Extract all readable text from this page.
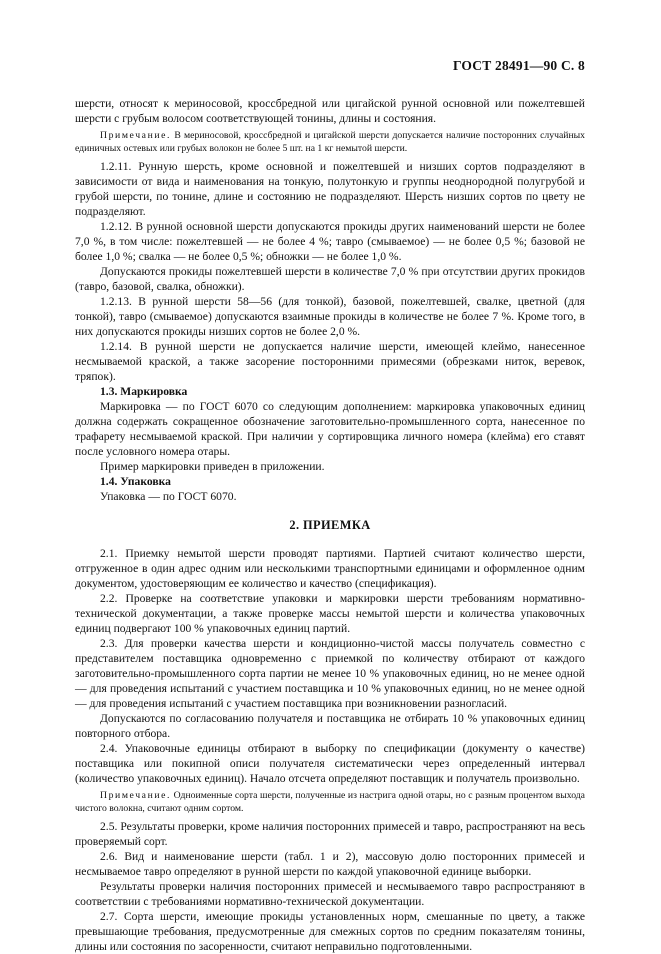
ГОСТ 28491—90 С. 8

шерсти, относят к мериносовой, кроссбредной или цигайской рунной основной или пожелтевшей шерсти с грубым волосом соответствующей тонины, длины и состояния.

Примечание. В мериносовой, кроссбредной и цигайской шерсти допускается наличие посторонних случайных единичных остевых или грубых волокон не более 5 шт. на 1 кг немытой шерсти.

1.2.11. Рунную шерсть, кроме основной и пожелтевшей и низших сортов подразделяют в зависимости от вида и наименования на тонкую, полутонкую и группы неоднородной полугрубой и грубой шерсти, по тонине, длине и состоянию не подразделяют. Шерсть низших сортов по цвету не подразделяют.

1.2.12. В рунной основной шерсти допускаются прокиды других наименований шерсти не более 7,0 %, в том числе: пожелтевшей — не более 4 %; тавро (смываемое) — не более 0,5 %; базовой не более 1,0 %; свалка — не более 0,5 %; обножки — не более 1,0 %.

Допускаются прокиды пожелтевшей шерсти в количестве 7,0 % при отсутствии других прокидов (тавро, базовой, свалка, обножки).

1.2.13. В рунной шерсти 58—56 (для тонкой), базовой, пожелтевшей, свалке, цветной (для тонкой), тавро (смываемое) допускаются взаимные прокиды в количестве не более 7 %. Кроме того, в них допускаются прокиды низших сортов не более 2,0 %.

1.2.14. В рунной шерсти не допускается наличие шерсти, имеющей клеймо, нанесенное несмываемой краской, а также засорение посторонними примесями (обрезками ниток, веревок, тряпок).

1.3. Маркировка

Маркировка — по ГОСТ 6070 со следующим дополнением: маркировка упаковочных единиц должна содержать сокращенное обозначение заготовительно-промышленного сорта, нанесенное по трафарету несмываемой краской. При наличии у сортировщика личного номера (клейма) его ставят после условного номера отары.

Пример маркировки приведен в приложении.

1.4. Упаковка

Упаковка — по ГОСТ 6070.

2. ПРИЕМКА

2.1. Приемку немытой шерсти проводят партиями. Партией считают количество шерсти, отгруженное в один адрес одним или несколькими транспортными единицами и оформленное одним документом, удостоверяющим ее количество и качество (спецификация).

2.2. Проверке на соответствие упаковки и маркировки шерсти требованиям нормативно-технической документации, а также проверке массы немытой шерсти и количества упаковочных единиц подвергают 100 % упаковочных единиц партий.

2.3. Для проверки качества шерсти и кондиционно-чистой массы получатель совместно с представителем поставщика одновременно с приемкой по количеству отбирают от каждого заготовительно-промышленного сорта партии не менее 10 % упаковочных единиц, но не менее одной — для проведения испытаний с участием поставщика и 10 % упаковочных единиц, но не менее одной — для проведения испытаний с участием поставщика при возникновении разногласий.

Допускаются по согласованию получателя и поставщика не отбирать 10 % упаковочных единиц повторного отбора.

2.4. Упаковочные единицы отбирают в выборку по спецификации (документу о качестве) поставщика или покипной описи получателя систематически через определенный интервал (количество упаковочных единиц). Начало отсчета определяют поставщик и получатель произвольно.

Примечание. Одноименные сорта шерсти, полученные из настрига одной отары, но с разным процентом выхода чистого волокна, считают одним сортом.

2.5. Результаты проверки, кроме наличия посторонних примесей и тавро, распространяют на весь проверяемый сорт.

2.6. Вид и наименование шерсти (табл. 1 и 2), массовую долю посторонних примесей и несмываемое тавро определяют в рунной шерсти по каждой упаковочной единице выборки.

Результаты проверки наличия посторонних примесей и несмываемого тавро распространяют в соответствии с требованиями нормативно-технической документации.

2.7. Сорта шерсти, имеющие прокиды установленных норм, смешанные по цвету, а также превышающие требования, предусмотренные для смежных сортов по средним показателям тонины, длины или состояния по засоренности, считают неправильно подготовленными.
